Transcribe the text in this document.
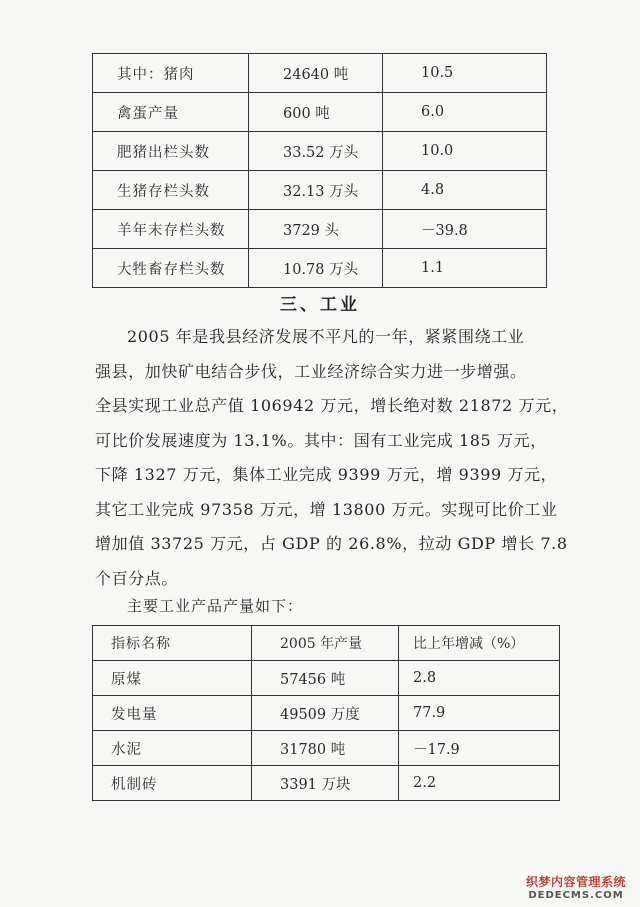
其中：猪肉	24640 吨	10.5
禽蛋产量	600 吨	6.0
肥猪出栏头数	33.52 万头	10.0
生猪存栏头数	32.13 万头	4.8
羊年末存栏头数	3729 头	－39.8
大牲畜存栏头数	10.78 万头	1.1
三、工业
2005 年是我县经济发展不平凡的一年，紧紧围绕工业
强县，加快矿电结合步伐，工业经济综合实力进一步增强。
全县实现工业总产值 106942 万元，增长绝对数 21872 万元，
可比价发展速度为 13.1%。其中：国有工业完成 185 万元，
下降 1327 万元，集体工业完成 9399 万元，增 9399 万元，
其它工业完成 97358 万元，增 13800 万元。实现可比价工业
增加值 33725 万元，占 GDP 的 26.8%，拉动 GDP 增长 7.8
个百分点。
主要工业产品产量如下：
指标名称	2005 年产量	比上年增减（%）
原煤	57456 吨	2.8
发电量	49509 万度	77.9
水泥	31780 吨	－17.9
机制砖	3391 万块	2.2
织梦内容管理系统
DEDECMS.COM
